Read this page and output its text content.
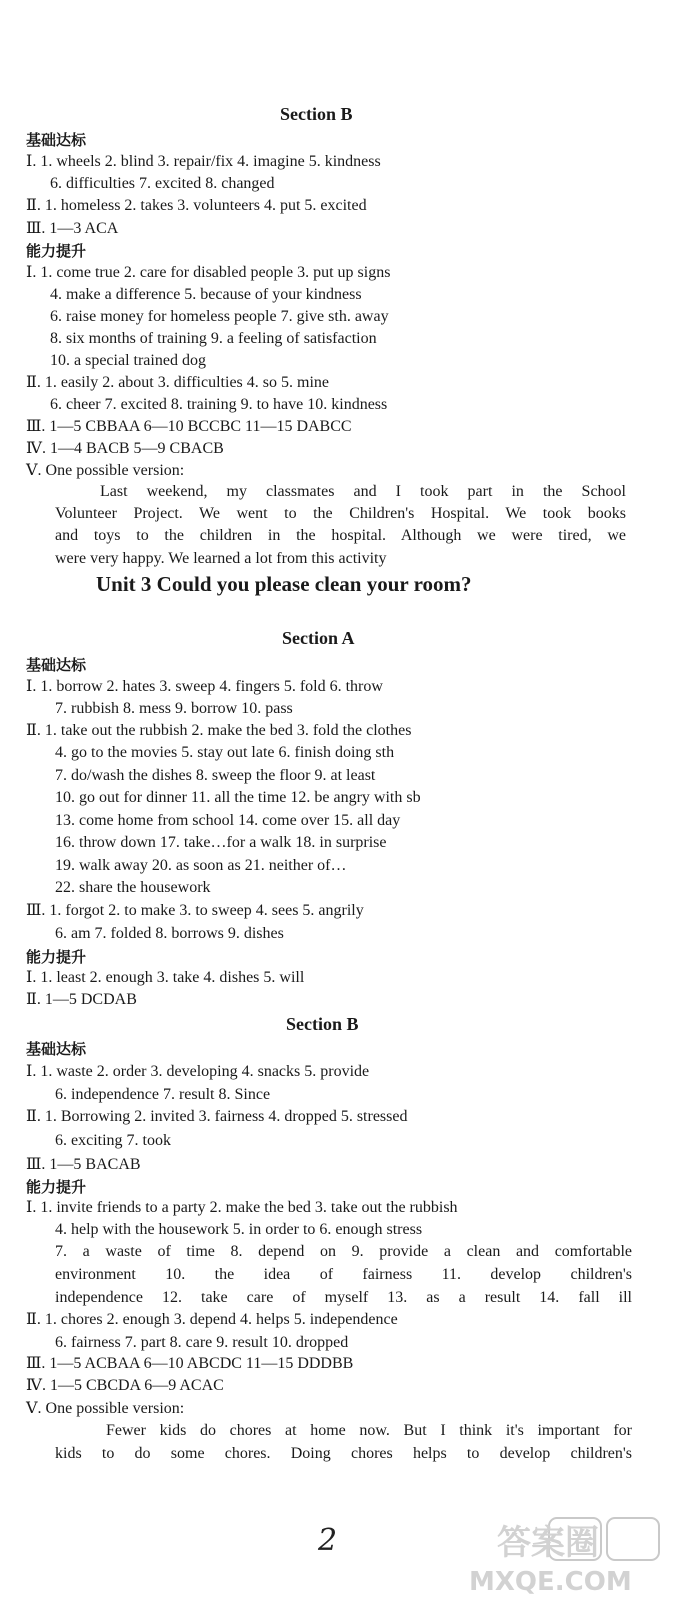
Section B
基础达标
Ⅰ. 1. wheels 2. blind 3. repair/fix 4. imagine 5. kindness
6. difficulties 7. excited 8. changed
Ⅱ. 1. homeless 2. takes 3. volunteers 4. put 5. excited
Ⅲ. 1—3 ACA
能力提升
Ⅰ. 1. come true 2. care for disabled people 3. put up signs
4. make a difference 5. because of your kindness
6. raise money for homeless people 7. give sth. away
8. six months of training 9. a feeling of satisfaction
10. a special trained dog
Ⅱ. 1. easily 2. about 3. difficulties 4. so 5. mine
6. cheer 7. excited 8. training 9. to have 10. kindness
Ⅲ. 1—5 CBBAA 6—10 BCCBC 11—15 DABCC
Ⅳ. 1—4 BACB 5—9 CBACB
Ⅴ. One possible version:
Last weekend, my classmates and I took part in the School
Volunteer Project. We went to the Children's Hospital. We took books
and toys to the children in the hospital. Although we were tired, we
were very happy. We learned a lot from this activity
Unit 3 Could you please clean your room?
Section A
基础达标
Ⅰ. 1. borrow 2. hates 3. sweep 4. fingers 5. fold 6. throw
7. rubbish 8. mess 9. borrow 10. pass
Ⅱ. 1. take out the rubbish 2. make the bed 3. fold the clothes
4. go to the movies 5. stay out late 6. finish doing sth
7. do/wash the dishes 8. sweep the floor 9. at least
10. go out for dinner 11. all the time 12. be angry with sb
13. come home from school 14. come over 15. all day
16. throw down 17. take…for a walk 18. in surprise
19. walk away 20. as soon as 21. neither of…
22. share the housework
Ⅲ. 1. forgot 2. to make 3. to sweep 4. sees 5. angrily
6. am 7. folded 8. borrows 9. dishes
能力提升
Ⅰ. 1. least 2. enough 3. take 4. dishes 5. will
Ⅱ. 1—5 DCDAB
Section B
基础达标
Ⅰ. 1. waste 2. order 3. developing 4. snacks 5. provide
6. independence 7. result 8. Since
Ⅱ. 1. Borrowing 2. invited 3. fairness 4. dropped 5. stressed
6. exciting 7. took
Ⅲ. 1—5 BACAB
能力提升
Ⅰ. 1. invite friends to a party 2. make the bed 3. take out the rubbish
4. help with the housework 5. in order to 6. enough stress
7. a waste of time 8. depend on 9. provide a clean and comfortable
environment 10. the idea of fairness 11. develop children's
independence 12. take care of myself 13. as a result 14. fall ill
Ⅱ. 1. chores 2. enough 3. depend 4. helps 5. independence
6. fairness 7. part 8. care 9. result 10. dropped
Ⅲ. 1—5 ACBAA 6—10 ABCDC 11—15 DDDBB
Ⅳ. 1—5 CBCDA 6—9 ACAC
Ⅴ. One possible version:
Fewer kids do chores at home now. But I think it's important for
kids to do some chores. Doing chores helps to develop children's
2	答案圈
MXQE.COM
